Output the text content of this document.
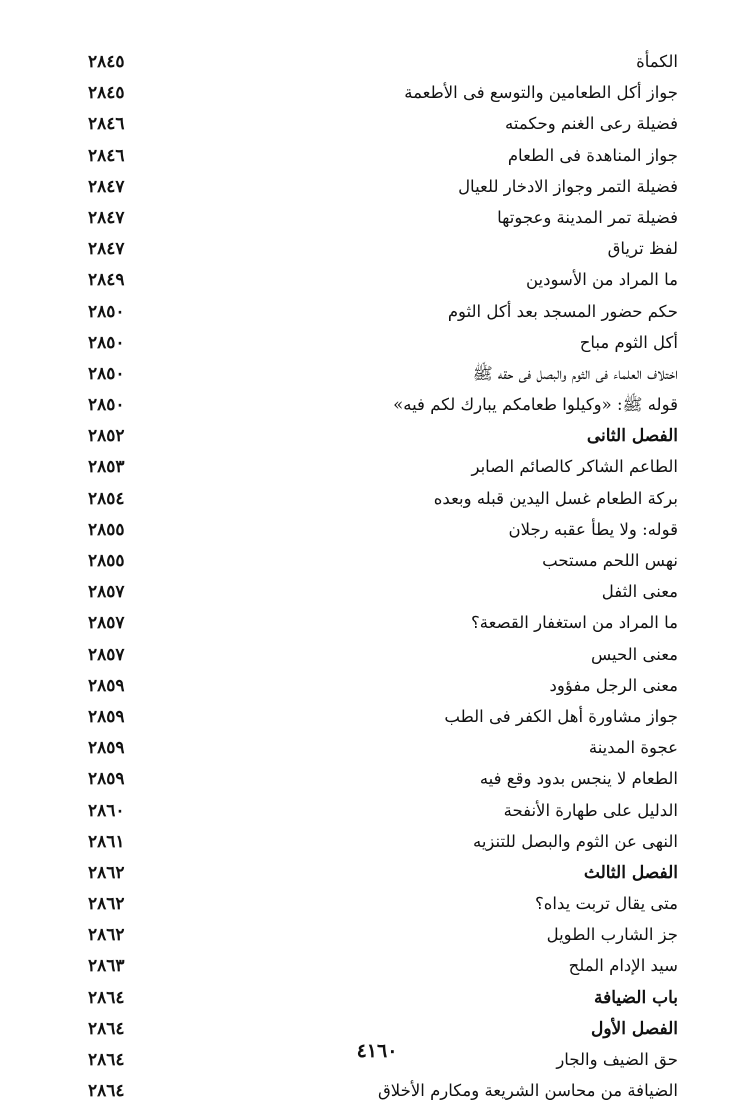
الكمأة
٢٨٤٥
جواز أكل الطعامين والتوسع فى الأطعمة
٢٨٤٥
فضيلة رعى الغنم وحكمته
٢٨٤٦
جواز المناهدة فى الطعام
٢٨٤٦
فضيلة التمر وجواز الادخار للعيال
٢٨٤٧
فضيلة تمر المدينة وعجوتها
٢٨٤٧
لفظ ترياق
٢٨٤٧
ما المراد من الأسودين
٢٨٤٩
حكم حضور المسجد بعد أكل الثوم
٢٨٥٠
أكل الثوم مباح
٢٨٥٠
اختلاف العلماء فى الثوم والبصل فى حقه ﷺ
٢٨٥٠
قوله ﷺ: «وكيلوا طعامكم يبارك لكم فيه»
٢٨٥٠
الفصل الثانى
٢٨٥٢
الطاعم الشاكر كالصائم الصابر
٢٨٥٣
بركة الطعام غسل اليدين قبله وبعده
٢٨٥٤
قوله: ولا يطأ عقبه رجلان
٢٨٥٥
نهس اللحم مستحب
٢٨٥٥
معنى الثفل
٢٨٥٧
ما المراد من استغفار القصعة؟
٢٨٥٧
معنى الحيس
٢٨٥٧
معنى الرجل مفؤود
٢٨٥٩
جواز مشاورة أهل الكفر فى الطب
٢٨٥٩
عجوة المدينة
٢٨٥٩
الطعام لا ينجس بدود وقع فيه
٢٨٥٩
الدليل على طهارة الأنفحة
٢٨٦٠
النهى عن الثوم والبصل للتنزيه
٢٨٦١
الفصل الثالث
٢٨٦٢
متى يقال تربت يداه؟
٢٨٦٢
جز الشارب الطويل
٢٨٦٢
سيد الإدام الملح
٢٨٦٣
باب الضيافة
٢٨٦٤
الفصل الأول
٢٨٦٤
حق الضيف والجار
٢٨٦٤
الضيافة من محاسن الشريعة ومكارم الأخلاق
٢٨٦٤
٤١٦٠
